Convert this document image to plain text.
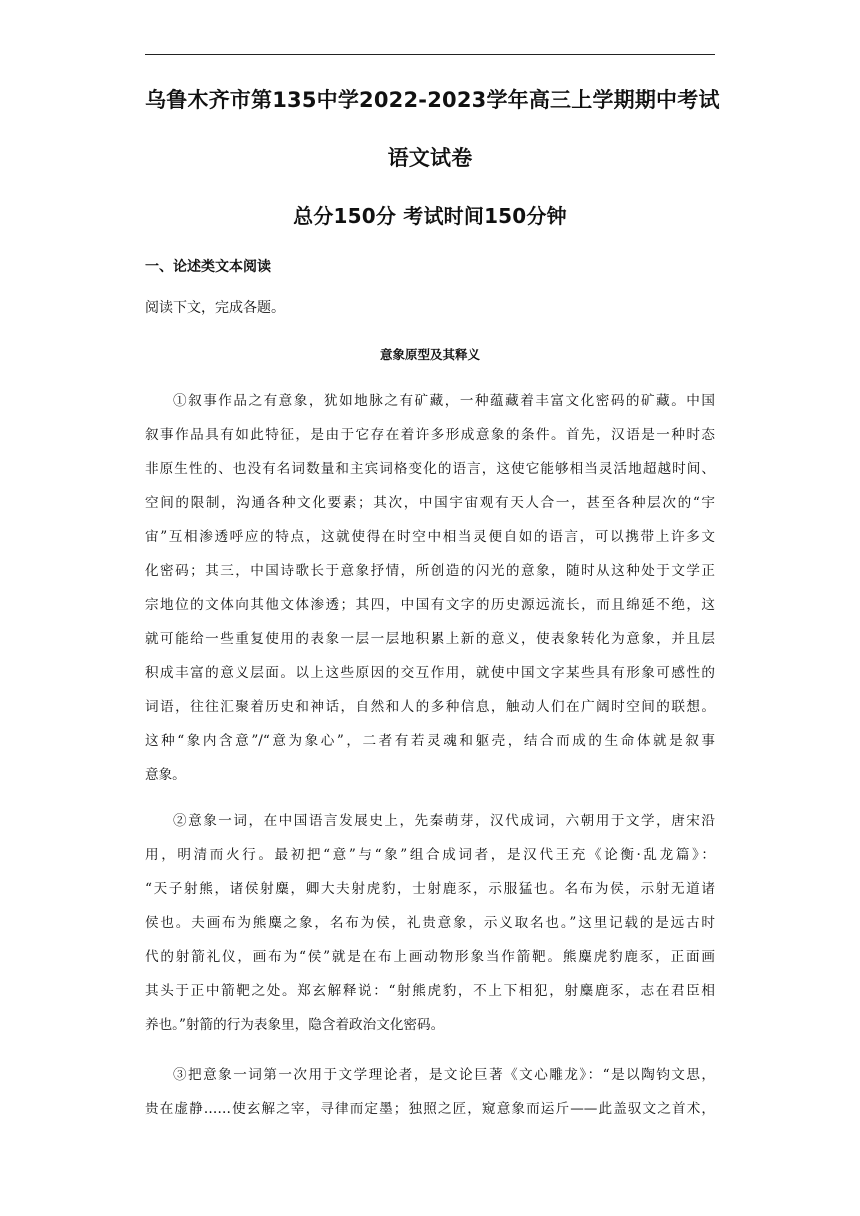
乌鲁木齐市第135中学2022-2023学年高三上学期期中考试
语文试卷
总分150分 考试时间150分钟
一、论述类文本阅读
阅读下文，完成各题。
意象原型及其释义
①叙事作品之有意象，犹如地脉之有矿藏，一种蕴藏着丰富文化密码的矿藏。中国
叙事作品具有如此特征，是由于它存在着许多形成意象的条件。首先，汉语是一种时态
非原生性的、也没有名词数量和主宾词格变化的语言，这使它能够相当灵活地超越时间、
空间的限制，沟通各种文化要素；其次，中国宇宙观有天人合一，甚至各种层次的“宇
宙”互相渗透呼应的特点，这就使得在时空中相当灵便自如的语言，可以携带上许多文
化密码；其三，中国诗歌长于意象抒情，所创造的闪光的意象，随时从这种处于文学正
宗地位的文体向其他文体渗透；其四，中国有文字的历史源远流长，而且绵延不绝，这
就可能给一些重复使用的表象一层一层地积累上新的意义，使表象转化为意象，并且层
积成丰富的意义层面。以上这些原因的交互作用，就使中国文字某些具有形象可感性的
词语，往往汇聚着历史和神话，自然和人的多种信息，触动人们在广阔时空间的联想。
这种“象内含意”/“意为象心”，二者有若灵魂和躯壳，结合而成的生命体就是叙事
意象。
②意象一词，在中国语言发展史上，先秦萌芽，汉代成词，六朝用于文学，唐宋沿
用，明清而火行。最初把“意”与“象”组合成词者，是汉代王充《论衡·乱龙篇》：
“天子射熊，诸侯射麋，卿大夫射虎豹，士射鹿豕，示服猛也。名布为侯，示射无道诸
侯也。夫画布为熊麋之象，名布为侯，礼贵意象，示义取名也。”这里记载的是远古时
代的射箭礼仪，画布为“侯”就是在布上画动物形象当作箭靶。熊麋虎豹鹿豕，正面画
其头于正中箭靶之处。郑玄解释说：“射熊虎豹，不上下相犯，射麋鹿豕，志在君臣相
养也。”射箭的行为表象里，隐含着政治文化密码。
③把意象一词第一次用于文学理论者，是文论巨著《文心雕龙》：“是以陶钧文思，
贵在虚静……使玄解之宰，寻律而定墨；独照之匠，窥意象而运斤——此盖驭文之首术，
